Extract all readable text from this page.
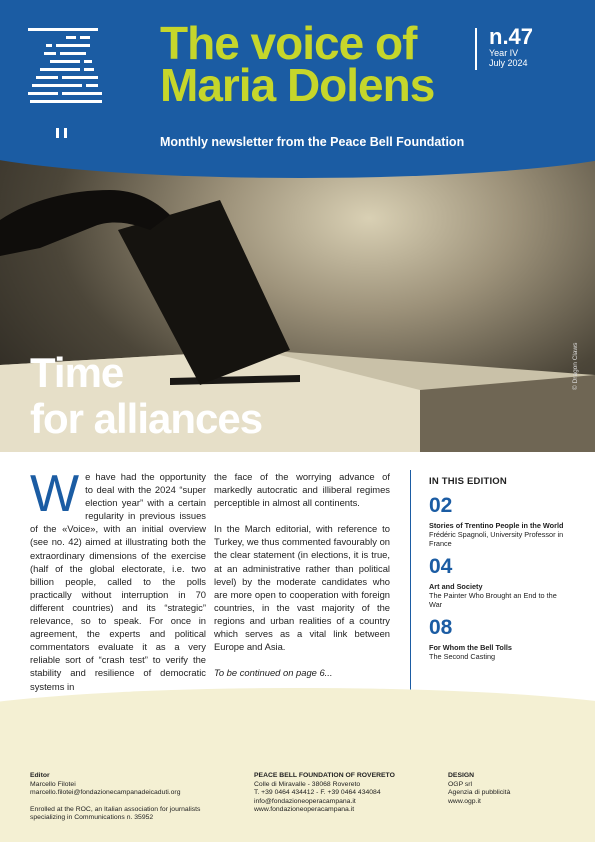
The voice of
Maria Dolens
n.47
Year IV
July 2024
Monthly newsletter from the Peace Bell Foundation
Time
for alliances
© Dragon Claws
W e have had the opportunity to deal with the 2024 “super election year” with a certain regularity in previous issues of the «Voice», with an initial overview (see no. 42) aimed at illustrating both the extraordinary dimensions of the exercise (half of the global electorate, i.e. two billion people, called to the polls practically without interruption in 70 different countries) and its “strategic” relevance, so to speak. For once in agreement, the experts and political commentators evaluate it as a very reliable sort of “crash test” to verify the stability and resilience of democratic systems in

the face of the worrying advance of markedly autocratic and illiberal regimes perceptible in almost all continents.

In the March editorial, with reference to Turkey, we thus commented favourably on the clear statement (in elections, it is true, at an administrative rather than political level) by the moderate candidates who are more open to cooperation with foreign countries, in the vast majority of the regions and urban realities of a country which serves as a vital link between Europe and Asia.

To be continued on page 6...

IN THIS EDITION
02
Stories of Trentino People in the World
Frédéric Spagnoli, University Professor in France
04
Art and Society
The Painter Who Brought an End to the War
08
For Whom the Bell Tolls
The Second Casting
Editor
Marcello Filotei
marcello.filotei@fondazionecampanadeicaduti.org
Enrolled at the ROC, an Italian association for journalists specializing in Communications n. 35952
PEACE BELL FOUNDATION OF ROVERETO
Colle di Miravalle - 38068 Rovereto
T. +39 0464 434412 - F. +39 0464 434084
info@fondazioneoperacampana.it
www.fondazioneoperacampana.it
DESIGN
OGP srl
Agenzia di pubblicità
www.ogp.it
